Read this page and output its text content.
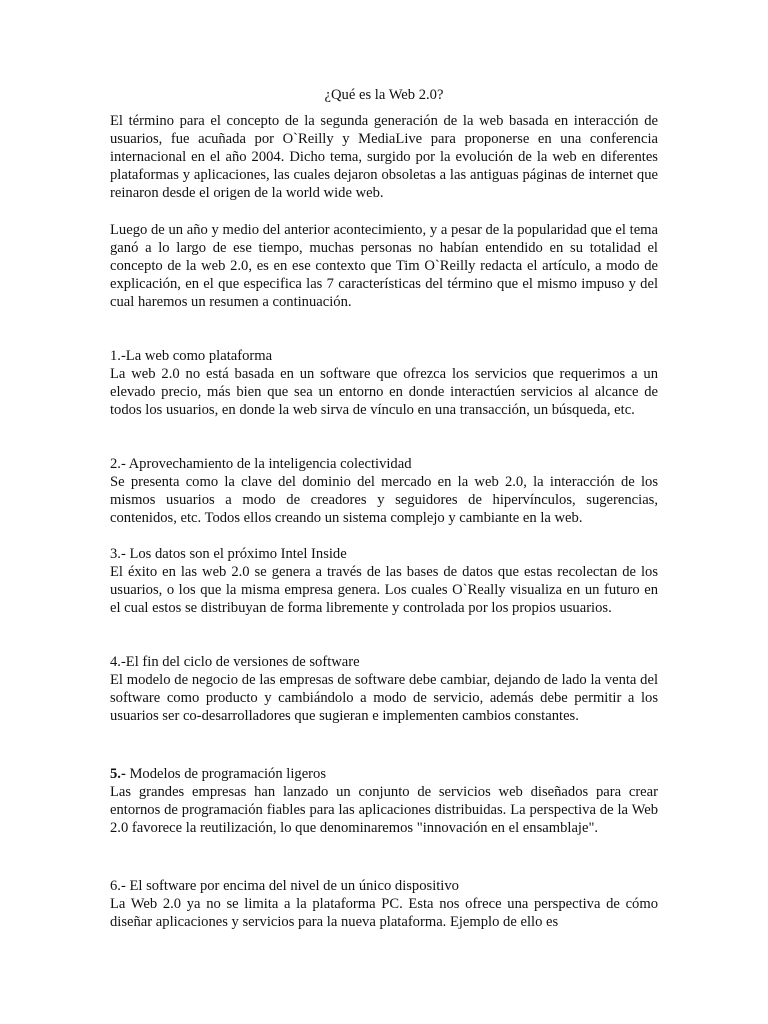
¿Qué es la Web 2.0?

El término para el concepto de la segunda generación de la web basada en interacción de usuarios, fue acuñada por O`Reilly y MediaLive para proponerse en una conferencia internacional en el año 2004. Dicho tema, surgido por la evolución de la web en diferentes plataformas y aplicaciones, las cuales dejaron obsoletas a las antiguas páginas de internet que reinaron desde el origen de la world wide web.

Luego de un año y medio del anterior acontecimiento, y a pesar de la popularidad que el tema ganó a lo largo de ese tiempo, muchas personas no habían entendido en su totalidad el concepto de la web 2.0, es en ese contexto que Tim O`Reilly redacta el artículo, a modo de explicación, en el que especifica las 7 características del término que el mismo impuso y del cual haremos un resumen a continuación.

1.-La web como plataforma

La web 2.0 no está basada en un software que ofrezca los servicios que requerimos a un elevado precio, más bien que sea un entorno en donde interactúen servicios al alcance de todos los usuarios, en donde la web sirva de vínculo en una transacción, un búsqueda, etc.

2.- Aprovechamiento de la inteligencia colectividad

Se presenta como la clave del dominio del mercado en la web 2.0, la interacción de los mismos usuarios a modo de creadores y seguidores de hipervínculos, sugerencias, contenidos, etc. Todos ellos creando un sistema complejo y cambiante en la web.

3.- Los datos son el próximo Intel Inside

El éxito en las web 2.0 se genera a través de las bases de datos que estas recolectan de los usuarios, o los que la misma empresa genera. Los cuales O`Really visualiza en un futuro en el cual estos se distribuyan de forma libremente y controlada por los propios usuarios.

4.-El fin del ciclo de versiones de software

El modelo de negocio de las empresas de software debe cambiar, dejando de lado la venta del software como producto y cambiándolo a modo de servicio, además debe permitir a los usuarios ser co-desarrolladores que sugieran e implementen cambios constantes.

5.- Modelos de programación ligeros

Las grandes empresas han lanzado un conjunto de servicios web diseñados para crear entornos de programación fiables para las aplicaciones distribuidas. La perspectiva de la Web 2.0 favorece la reutilización, lo que denominaremos "innovación en el ensamblaje".

6.- El software por encima del nivel de un único dispositivo

La Web 2.0 ya no se limita a la plataforma PC. Esta nos ofrece una perspectiva de cómo diseñar aplicaciones y servicios para la nueva plataforma. Ejemplo de ello es
